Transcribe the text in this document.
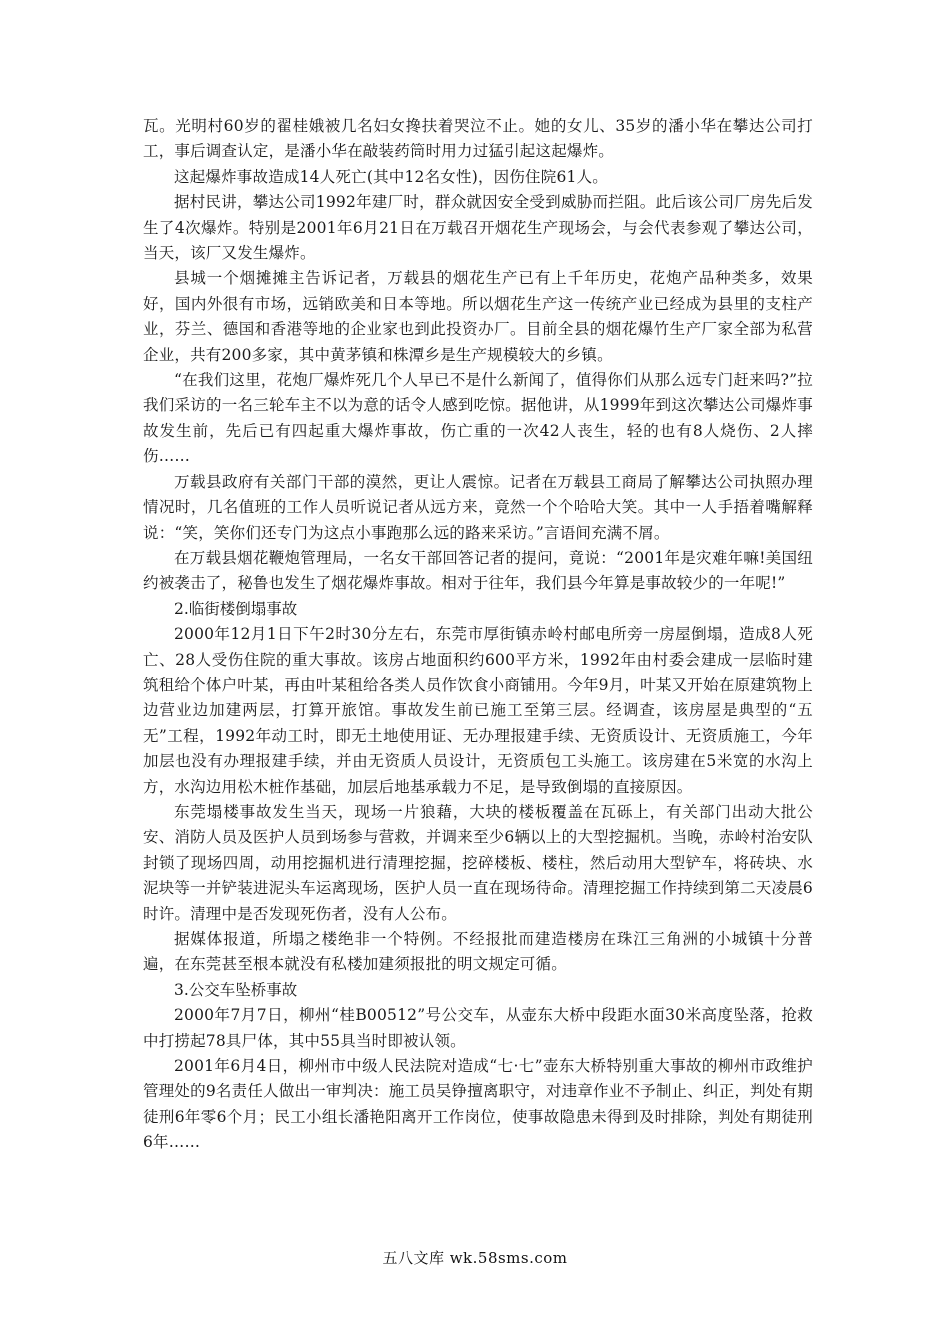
瓦。光明村60岁的翟桂娥被几名妇女搀扶着哭泣不止。她的女儿、35岁的潘小华在攀达公司打工，事后调查认定，是潘小华在敲装药筒时用力过猛引起这起爆炸。

这起爆炸事故造成14人死亡(其中12名女性)，因伤住院61人。

据村民讲，攀达公司1992年建厂时，群众就因安全受到威胁而拦阻。此后该公司厂房先后发生了4次爆炸。特别是2001年6月21日在万载召开烟花生产现场会，与会代表参观了攀达公司，当天，该厂又发生爆炸。

县城一个烟摊摊主告诉记者，万载县的烟花生产已有上千年历史，花炮产品种类多，效果好，国内外很有市场，远销欧美和日本等地。所以烟花生产这一传统产业已经成为县里的支柱产业，芬兰、德国和香港等地的企业家也到此投资办厂。目前全县的烟花爆竹生产厂家全部为私营企业，共有200多家，其中黄茅镇和株潭乡是生产规模较大的乡镇。

“在我们这里，花炮厂爆炸死几个人早已不是什么新闻了，值得你们从那么远专门赶来吗?”拉我们采访的一名三轮车主不以为意的话令人感到吃惊。据他讲，从1999年到这次攀达公司爆炸事故发生前，先后已有四起重大爆炸事故，伤亡重的一次42人丧生，轻的也有8人烧伤、2人摔伤……

万载县政府有关部门干部的漠然，更让人震惊。记者在万载县工商局了解攀达公司执照办理情况时，几名值班的工作人员听说记者从远方来，竟然一个个哈哈大笑。其中一人手捂着嘴解释说：“笑，笑你们还专门为这点小事跑那么远的路来采访。”言语间充满不屑。

在万载县烟花鞭炮管理局，一名女干部回答记者的提问，竟说：“2001年是灾难年嘛!美国纽约被袭击了，秘鲁也发生了烟花爆炸事故。相对于往年，我们县今年算是事故较少的一年呢!”

2.临街楼倒塌事故

2000年12月1日下午2时30分左右，东莞市厚街镇赤岭村邮电所旁一房屋倒塌，造成8人死亡、28人受伤住院的重大事故。该房占地面积约600平方米，1992年由村委会建成一层临时建筑租给个体户叶某，再由叶某租给各类人员作饮食小商铺用。今年9月，叶某又开始在原建筑物上边营业边加建两层，打算开旅馆。事故发生前已施工至第三层。经调查，该房屋是典型的“五无”工程，1992年动工时，即无土地使用证、无办理报建手续、无资质设计、无资质施工，今年加层也没有办理报建手续，并由无资质人员设计，无资质包工头施工。该房建在5米宽的水沟上方，水沟边用松木桩作基础，加层后地基承载力不足，是导致倒塌的直接原因。

东莞塌楼事故发生当天，现场一片狼藉，大块的楼板覆盖在瓦砾上，有关部门出动大批公安、消防人员及医护人员到场参与营救，并调来至少6辆以上的大型挖掘机。当晚，赤岭村治安队封锁了现场四周，动用挖掘机进行清理挖掘，挖碎楼板、楼柱，然后动用大型铲车，将砖块、水泥块等一并铲装进泥头车运离现场，医护人员一直在现场待命。清理挖掘工作持续到第二天凌晨6时许。清理中是否发现死伤者，没有人公布。

据媒体报道，所塌之楼绝非一个特例。不经报批而建造楼房在珠江三角洲的小城镇十分普遍，在东莞甚至根本就没有私楼加建须报批的明文规定可循。

3.公交车坠桥事故

2000年7月7日，柳州“桂B00512”号公交车，从壶东大桥中段距水面30米高度坠落，抢救中打捞起78具尸体，其中55具当时即被认领。

2001年6月4日，柳州市中级人民法院对造成“七·七”壶东大桥特别重大事故的柳州市政维护管理处的9名责任人做出一审判决：施工员吴铮擅离职守，对违章作业不予制止、纠正，判处有期徒刑6年零6个月；民工小组长潘艳阳离开工作岗位，使事故隐患未得到及时排除，判处有期徒刑6年……

五八文库 wk.58sms.com
